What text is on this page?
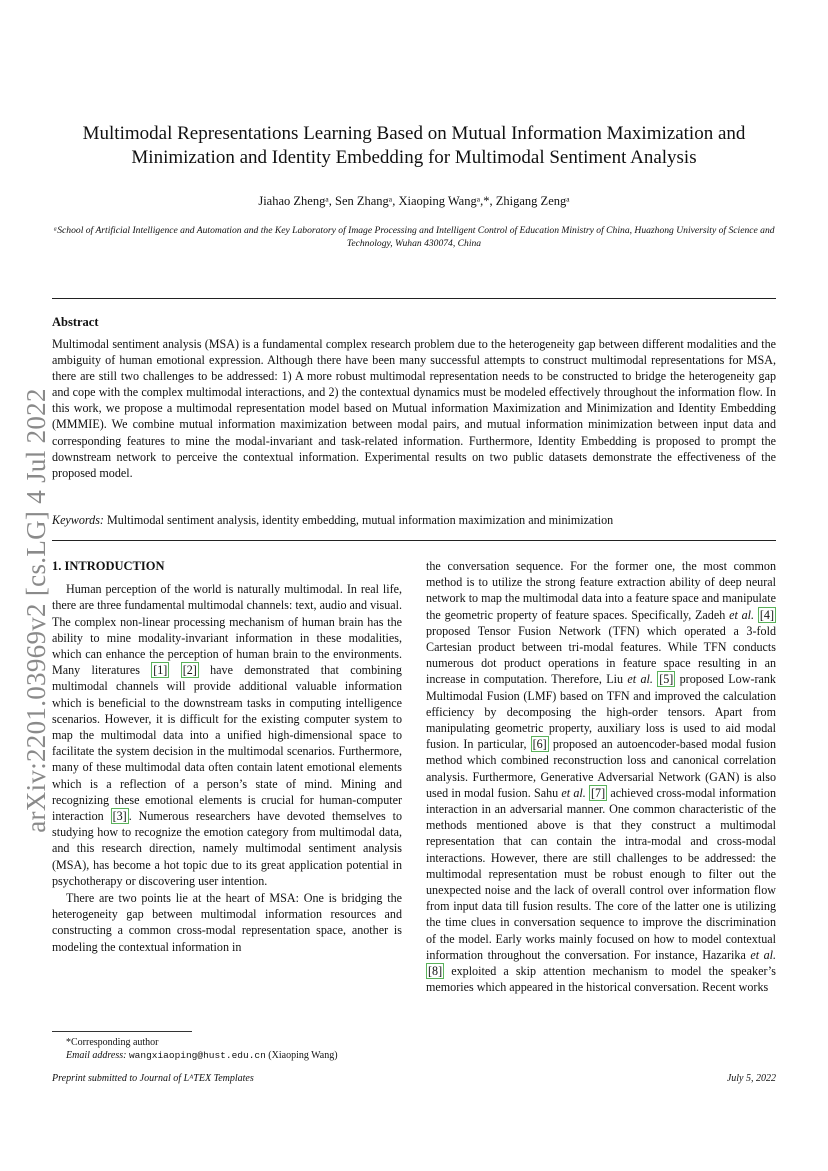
arXiv:2201.03969v2 [cs.LG] 4 Jul 2022
Multimodal Representations Learning Based on Mutual Information Maximization and Minimization and Identity Embedding for Multimodal Sentiment Analysis
Jiahao Zhengᵃ, Sen Zhangᵃ, Xiaoping Wangᵃ,*, Zhigang Zengᵃ
ᵃSchool of Artificial Intelligence and Automation and the Key Laboratory of Image Processing and Intelligent Control of Education Ministry of China, Huazhong University of Science and Technology, Wuhan 430074, China
Abstract

Multimodal sentiment analysis (MSA) is a fundamental complex research problem due to the heterogeneity gap between different modalities and the ambiguity of human emotional expression. Although there have been many successful attempts to construct multimodal representations for MSA, there are still two challenges to be addressed: 1) A more robust multimodal representation needs to be constructed to bridge the heterogeneity gap and cope with the complex multimodal interactions, and 2) the contextual dynamics must be modeled effectively throughout the information flow. In this work, we propose a multimodal representation model based on Mutual information Maximization and Minimization and Identity Embedding (MMMIE). We combine mutual information maximization between modal pairs, and mutual information minimization between input data and corresponding features to mine the modal-invariant and task-related information. Furthermore, Identity Embedding is proposed to prompt the downstream network to perceive the contextual information. Experimental results on two public datasets demonstrate the effectiveness of the proposed model.

Keywords: Multimodal sentiment analysis, identity embedding, mutual information maximization and minimization
1. INTRODUCTION

Human perception of the world is naturally multimodal. In real life, there are three fundamental multimodal channels: text, audio and visual. The complex non-linear processing mechanism of human brain has the ability to mine modality-invariant information in these modalities, which can enhance the perception of human brain to the environments. Many literatures [1] [2] have demonstrated that combining multimodal channels will provide additional valuable information which is beneficial to the downstream tasks in computing intelligence scenarios. However, it is difficult for the existing computer system to map the multimodal data into a unified high-dimensional space to facilitate the system decision in the multimodal scenarios. Furthermore, many of these multimodal data often contain latent emotional elements which is a reflection of a person’s state of mind. Mining and recognizing these emotional elements is crucial for human-computer interaction [3] . Numerous researchers have devoted themselves to studying how to recognize the emotion category from multimodal data, and this research direction, namely multimodal sentiment analysis (MSA), has become a hot topic due to its great application potential in psychotherapy or discovering user intention.

There are two points lie at the heart of MSA: One is bridging the heterogeneity gap between multimodal information resources and constructing a common cross-modal representation space, another is modeling the contextual information in

the conversation sequence. For the former one, the most common method is to utilize the strong feature extraction ability of deep neural network to map the multimodal data into a feature space and manipulate the geometric property of feature spaces. Specifically, Zadeh et al. [4] proposed Tensor Fusion Network (TFN) which operated a 3-fold Cartesian product between tri-modal features. While TFN conducts numerous dot product operations in feature space resulting in an increase in computation. Therefore, Liu et al. [5] proposed Low-rank Multimodal Fusion (LMF) based on TFN and improved the calculation efficiency by decomposing the high-order tensors. Apart from manipulating geometric property, auxiliary loss is used to aid modal fusion. In particular, [6] proposed an autoencoder-based modal fusion method which combined reconstruction loss and canonical correlation analysis. Furthermore, Generative Adversarial Network (GAN) is also used in modal fusion. Sahu et al. [7] achieved cross-modal information interaction in an adversarial manner. One common characteristic of the methods mentioned above is that they construct a multimodal representation that can contain the intra-modal and cross-modal interactions. However, there are still challenges to be addressed: the multimodal representation must be robust enough to filter out the unexpected noise and the lack of overall control over information flow from input data till fusion results. The core of the latter one is utilizing the time clues in conversation sequence to improve the discrimination of the model. Early works mainly focused on how to model contextual information throughout the conversation. For instance, Hazarika et al. [8] exploited a skip attention mechanism to model the speaker’s memories which appeared in the historical conversation. Recent works

*Corresponding author
Email address: wangxiaoping@hust.edu.cn (Xiaoping Wang)
Preprint submitted to Journal of LᴬTEX Templates	July 5, 2022
